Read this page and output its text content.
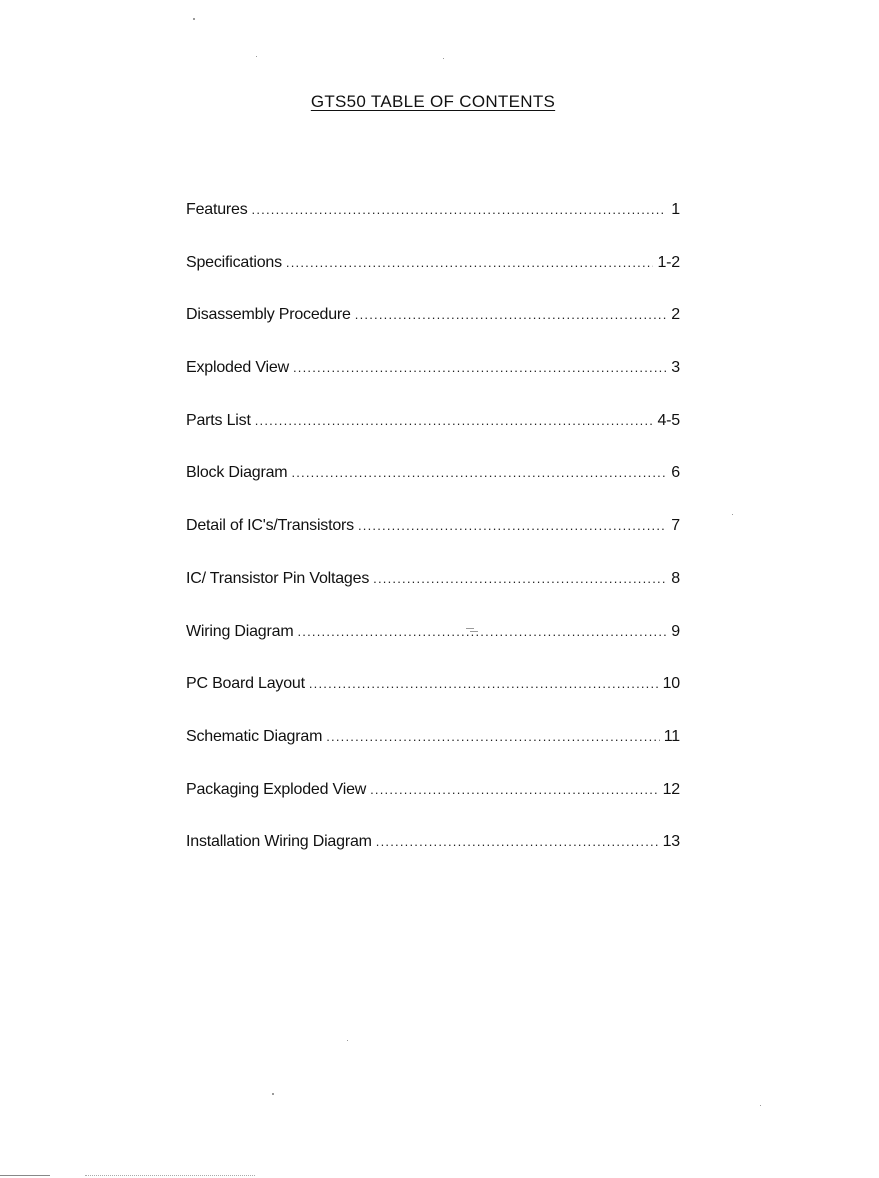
GTS50 TABLE OF CONTENTS
Features .....	1
Specifications .....	1-2
Disassembly Procedure .....	2
Exploded View .....	3
Parts List .....	4-5
Block Diagram .....	6
Detail of IC's/Transistors .....	7
IC/ Transistor Pin Voltages .....	8
Wiring Diagram .....	9
PC Board Layout .....	10
Schematic Diagram .....	11
Packaging Exploded View .....	12
Installation Wiring Diagram .....	13
